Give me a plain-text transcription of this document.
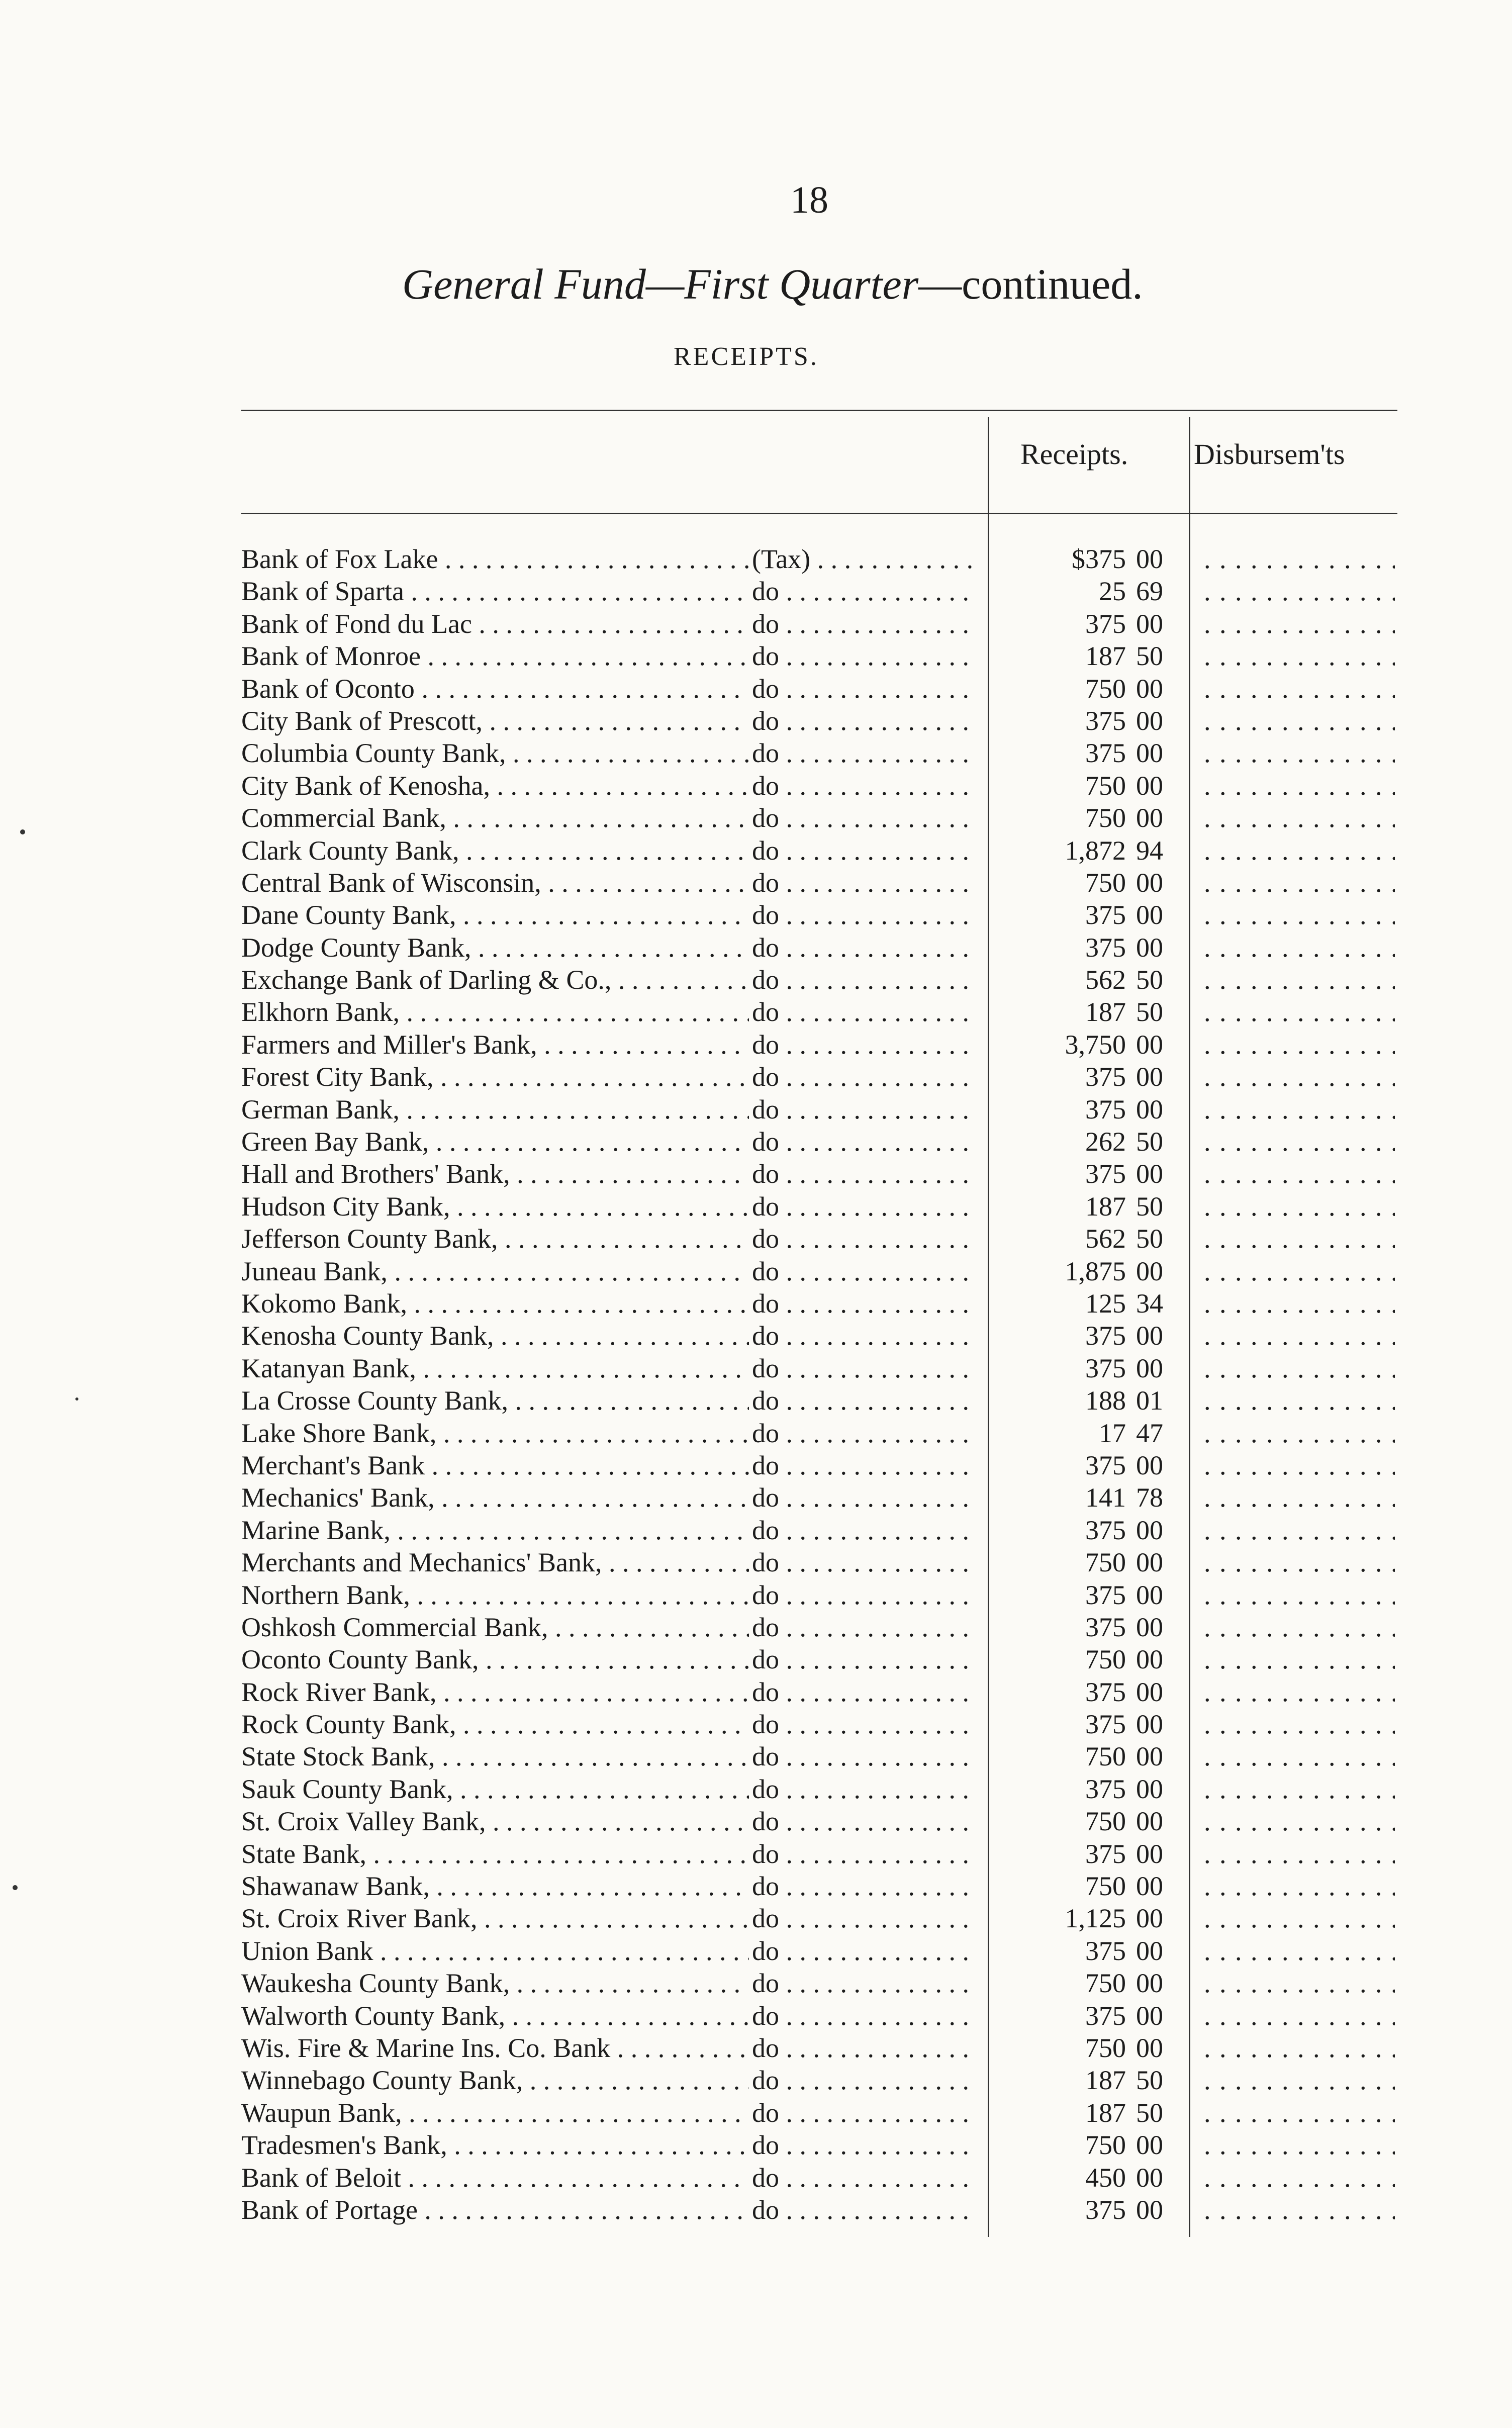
18
General Fund—First Quarter—continued.
RECEIPTS.
Receipts. Disbursem'ts
Bank of Fox Lake . . .	(Tax) . . .	$375 00
. . .
Bank of Sparta . . .	do . . .	25 69
. . .
Bank of Fond du Lac . . .	do . . .	375 00
. . .
Bank of Monroe . . .	do . . .	187 50
. . .
Bank of Oconto . . .	do . . .	750 00
. . .
City Bank of Prescott, . . .	do . . .	375 00
. . .
Columbia County Bank, . . .	do . . .	375 00
. . .
City Bank of Kenosha, . . .	do . . .	750 00
. . .
Commercial Bank, . . .	do . . .	750 00
. . .
Clark County Bank, . . .	do . . .	1,872 94
. . .
Central Bank of Wisconsin, . . .	do . . .	750 00
. . .
Dane County Bank, . . .	do . . .	375 00
. . .
Dodge County Bank, . . .	do . . .	375 00
. . .
Exchange Bank of Darling & Co., . . .	do . . .	562 50
. . .
Elkhorn Bank, . . .	do . . .	187 50
. . .
Farmers and Miller's Bank, . . .	do . . .	3,750 00
. . .
Forest City Bank, . . .	do . . .	375 00
. . .
German Bank, . . .	do . . .	375 00
. . .
Green Bay Bank, . . .	do . . .	262 50
. . .
Hall and Brothers' Bank, . . .	do . . .	375 00
. . .
Hudson City Bank, . . .	do . . .	187 50
. . .
Jefferson County Bank, . . .	do . . .	562 50
. . .
Juneau Bank, . . .	do . . .	1,875 00
. . .
Kokomo Bank, . . .	do . . .	125 34
. . .
Kenosha County Bank, . . .	do . . .	375 00
. . .
Katanyan Bank, . . .	do . . .	375 00
. . .
La Crosse County Bank, . . .	do . . .	188 01
. . .
Lake Shore Bank, . . .	do . . .	17 47
. . .
Merchant's Bank . . .	do . . .	375 00
. . .
Mechanics' Bank, . . .	do . . .	141 78
. . .
Marine Bank, . . .	do . . .	375 00
. . .
Merchants and Mechanics' Bank, . . .	do . . .	750 00
. . .
Northern Bank, . . .	do . . .	375 00
. . .
Oshkosh Commercial Bank, . . .	do . . .	375 00
. . .
Oconto County Bank, . . .	do . . .	750 00
. . .
Rock River Bank, . . .	do . . .	375 00
. . .
Rock County Bank, . . .	do . . .	375 00
. . .
State Stock Bank, . . .	do . . .	750 00
. . .
Sauk County Bank, . . .	do . . .	375 00
. . .
St. Croix Valley Bank, . . .	do . . .	750 00
. . .
State Bank, . . .	do . . .	375 00
. . .
Shawanaw Bank, . . .	do . . .	750 00
. . .
St. Croix River Bank, . . .	do . . .	1,125 00
. . .
Union Bank . . .	do . . .	375 00
. . .
Waukesha County Bank, . . .	do . . .	750 00
. . .
Walworth County Bank, . . .	do . . .	375 00
. . .
Wis. Fire & Marine Ins. Co. Bank . . .	do . . .	750 00
. . .
Winnebago County Bank, . . .	do . . .	187 50
. . .
Waupun Bank, . . .	do . . .	187 50
. . .
Tradesmen's Bank, . . .	do . . .	750 00
. . .
Bank of Beloit . . .	do . . .	450 00
. . .
Bank of Portage . . .	do . . .	375 00
. . .
